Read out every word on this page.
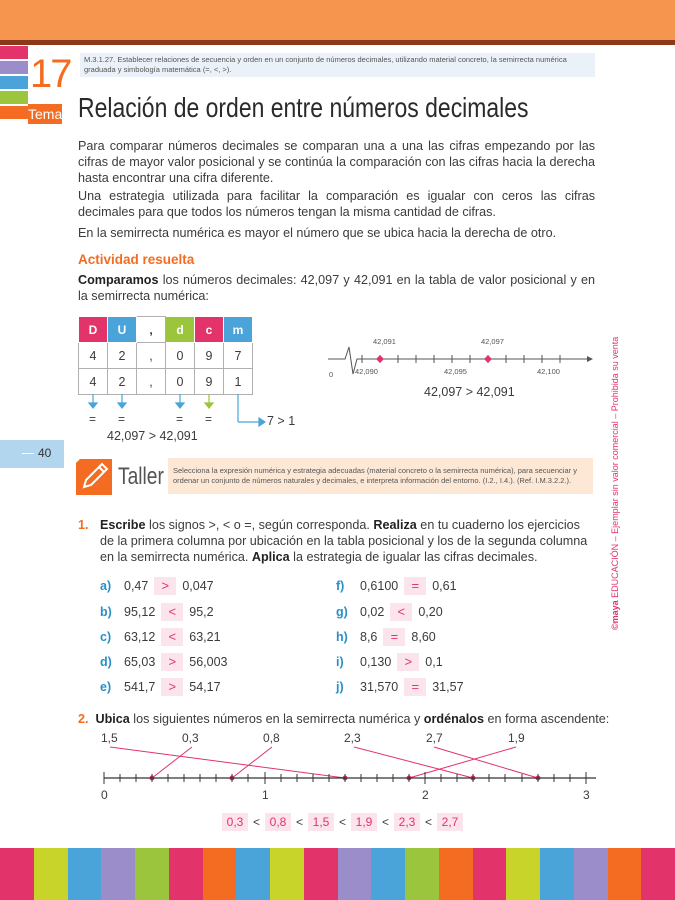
17
Tema
M.3.1.27. Establecer relaciones de secuencia y orden en un conjunto de números decimales, utilizando material concreto, la semirrecta numérica graduada y simbología matemática (=, <, >).
Relación de orden entre números decimales

Para comparar números decimales se comparan una a una las cifras empezando por las cifras de mayor valor posicional y se continúa la comparación con las cifras hacia la derecha hasta encontrar una cifra diferente.

Una estrategia utilizada para facilitar la comparación es igualar con ceros las cifras decimales para que todos los números tengan la misma cantidad de cifras.

En la semirrecta numérica es mayor el número que se ubica hacia la derecha de otro.

Actividad resuelta

Comparamos los números decimales: 42,097 y 42,091 en la tabla de valor posicional y en la semirrecta numérica:

D	U	,	d	c	m
4	2	,	0	9	7
4	2	,	0	9	1
= =	= =	7 > 1
42,097 > 42,091
42,091	42,097
0	42,090	42,095	42,100
42,097 > 42,091
©maya EDUCACIÓN – Ejemplar sin valor comercial – Prohibida su venta
40
Taller	Selecciona la expresión numérica y estrategia adecuadas (material concreto o la semirrecta numérica), para secuenciar y ordenar un conjunto de números naturales y decimales, e interpreta información del entorno. (I.2., I.4.). (Ref. I.M.3.2.2.).
1. Escribe los signos >, < o =, según corresponda. Realiza en tu cuaderno los ejercicios de la primera columna por ubicación en la tabla posicional y los de la segunda columna en la semirrecta numérica. Aplica la estrategia de igualar las cifras decimales.
a)	0,47	>	0,047
b) 95,12	<	95,2
c)	63,12	<	63,21
d) 65,03	>	56,003
e)	541,7	>	54,17
f)	0,6100	=	0,61
g) 0,02	<	0,20
h) 8,6	=	8,60
i)	0,130	>	0,1
j)	31,570	=	31,57
2. Ubica los siguientes números en la semirrecta numérica y ordénalos en forma ascendente:
1,5	0,3	0,8	2,3	2,7	1,9
0	1	2	3
0,3 < 0,8 < 1,5 < 1,9 < 2,3 < 2,7
